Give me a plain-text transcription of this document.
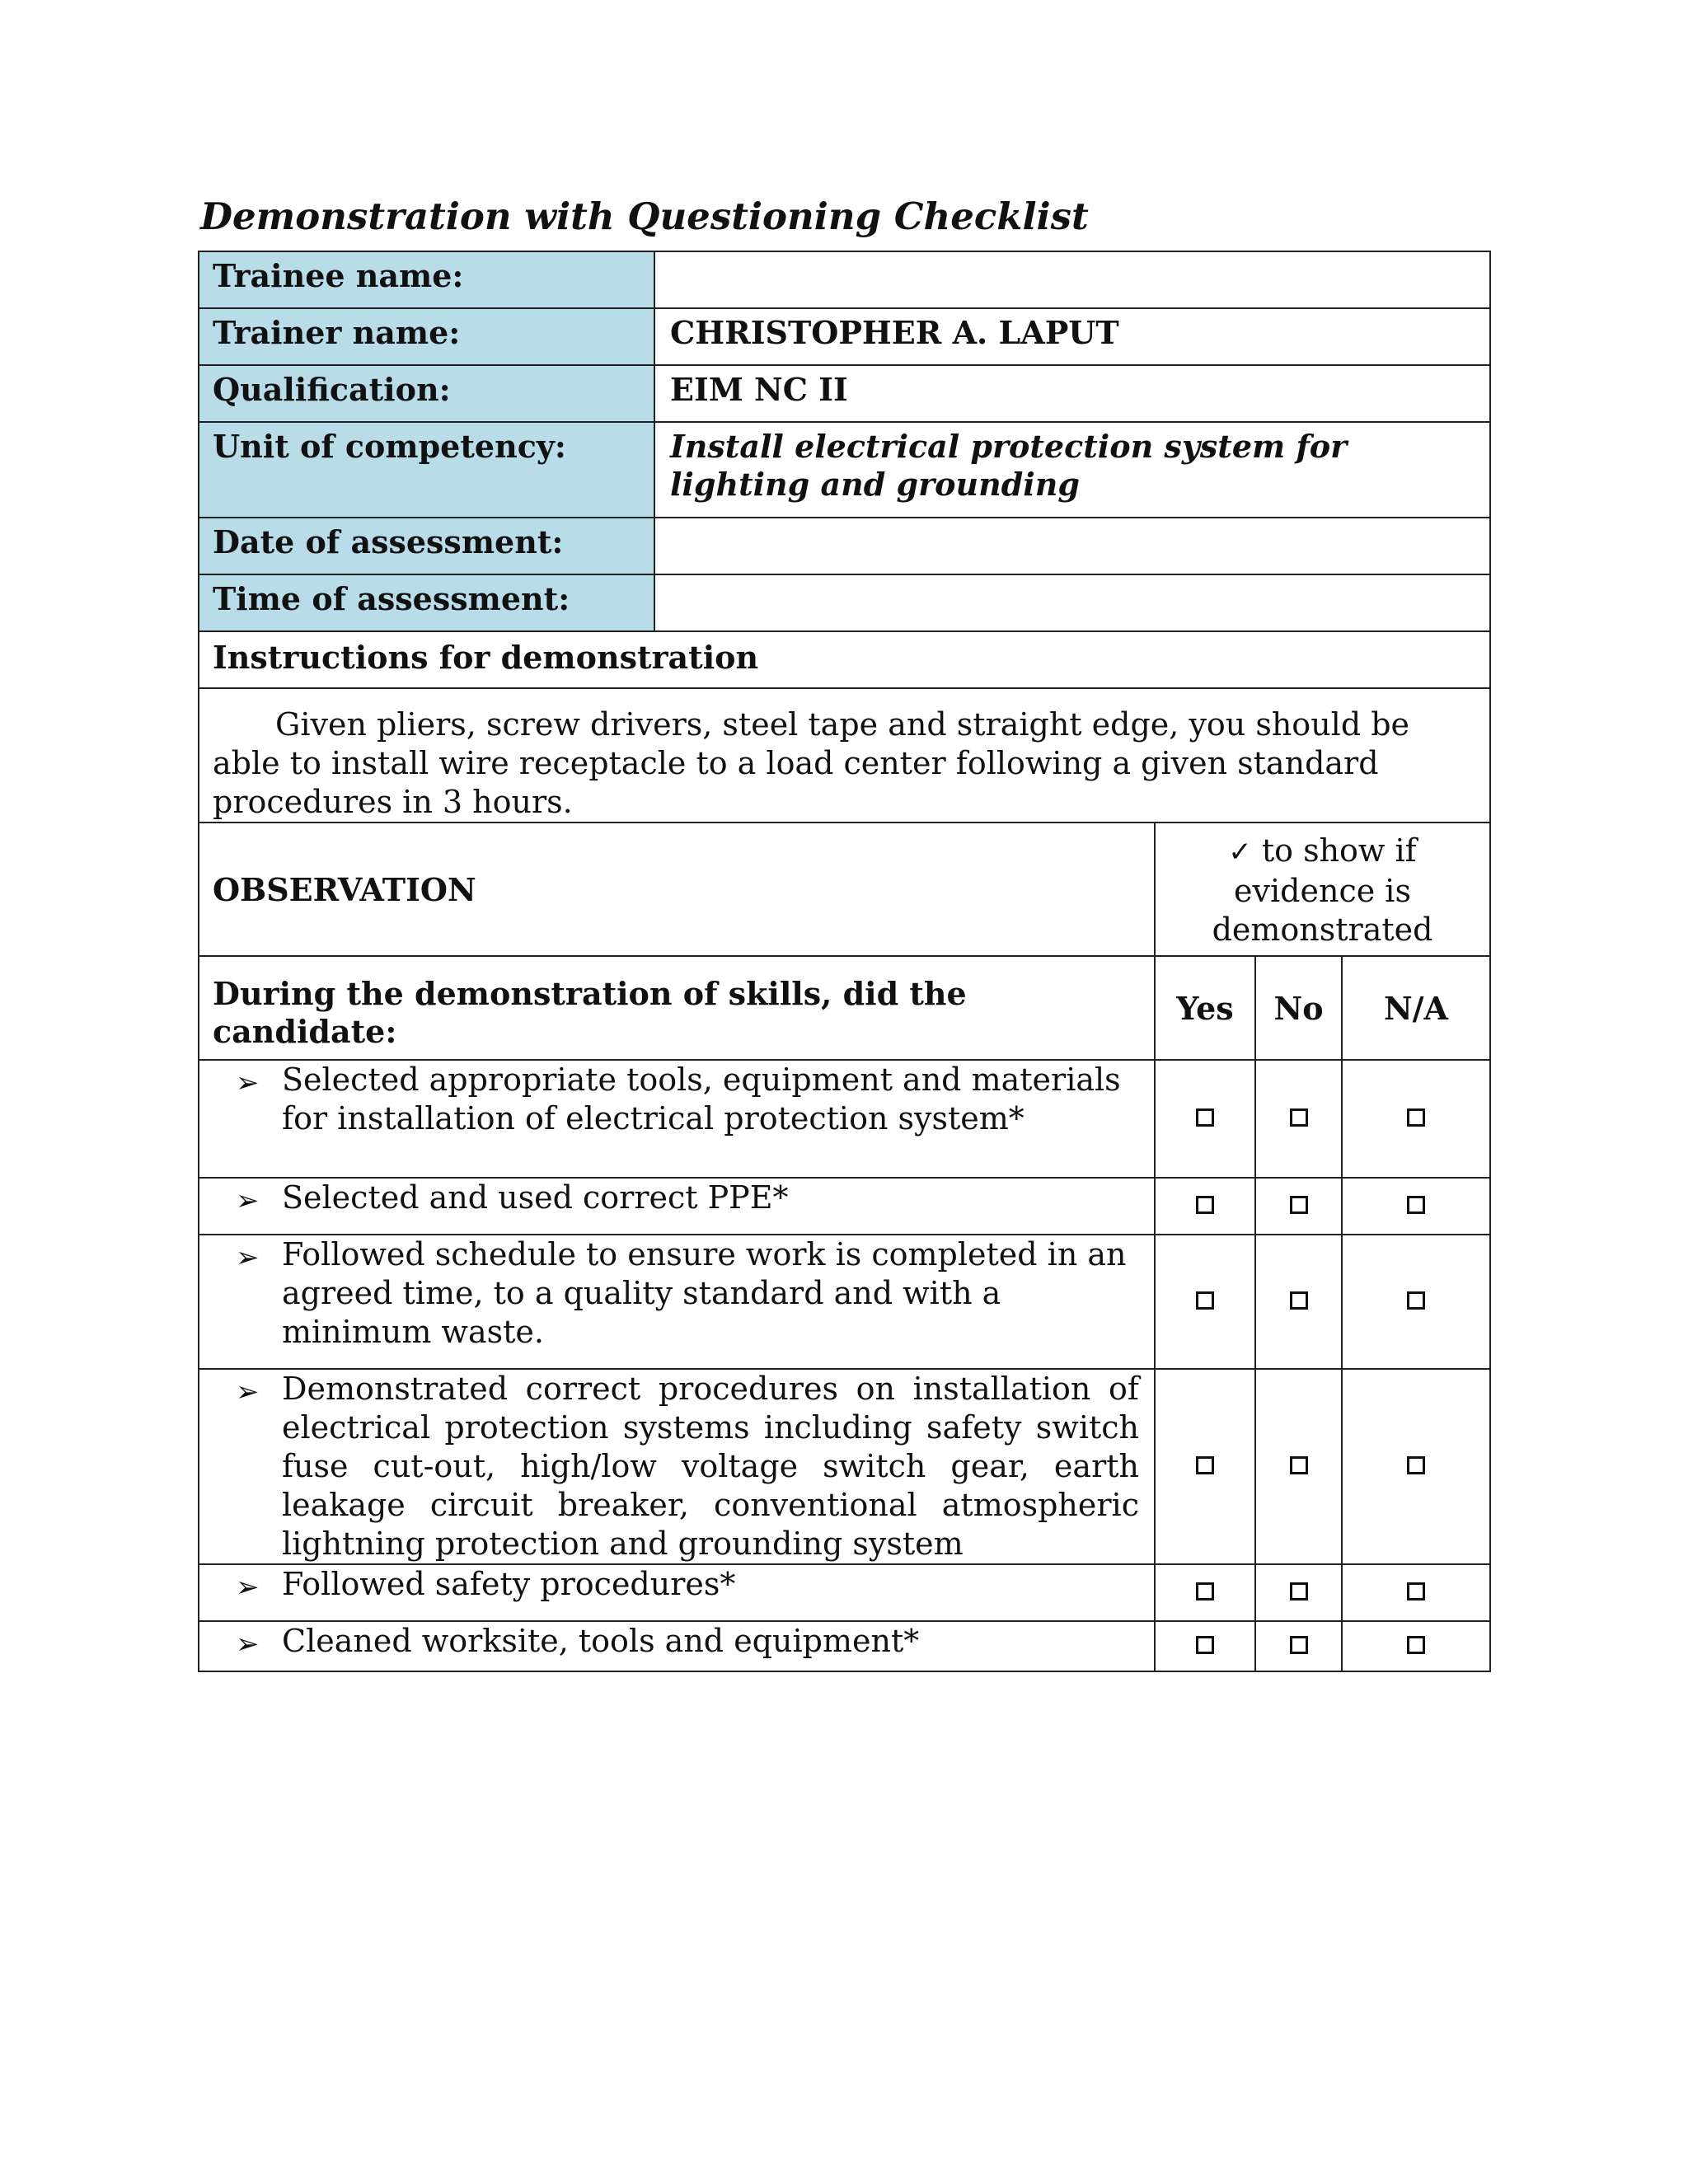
Demonstration with Questioning Checklist
Trainee name:				
Trainer name:	CHRISTOPHER A. LAPUT			
Qualification:	EIM NC II			
Unit of competency:	Install electrical protection system for lighting and grounding			
Date of assessment:				
Time of assessment:				
Instructions for demonstration				
Given pliers, screw drivers, steel tape and straight edge, you should be able to install wire receptacle to a load center following a given standard procedures in 3 hours.				
OBSERVATION		✓ to show if evidence is demonstrated		
During the demonstration of skills, did the candidate:		Yes	No	N/A

➢ Selected appropriate tools, equipment and materials for installation of electrical protection system*				

➢ Selected and used correct PPE*				

➢ Followed schedule to ensure work is completed in an agreed time, to a quality standard and with a minimum waste.				

➢ Demonstrated correct procedures on installation of electrical protection systems including safety switch fuse cut-out, high/low voltage switch gear, earth leakage circuit breaker, conventional atmospheric lightning protection and grounding system				

➢ Followed safety procedures*				

➢ Cleaned worksite, tools and equipment*				
